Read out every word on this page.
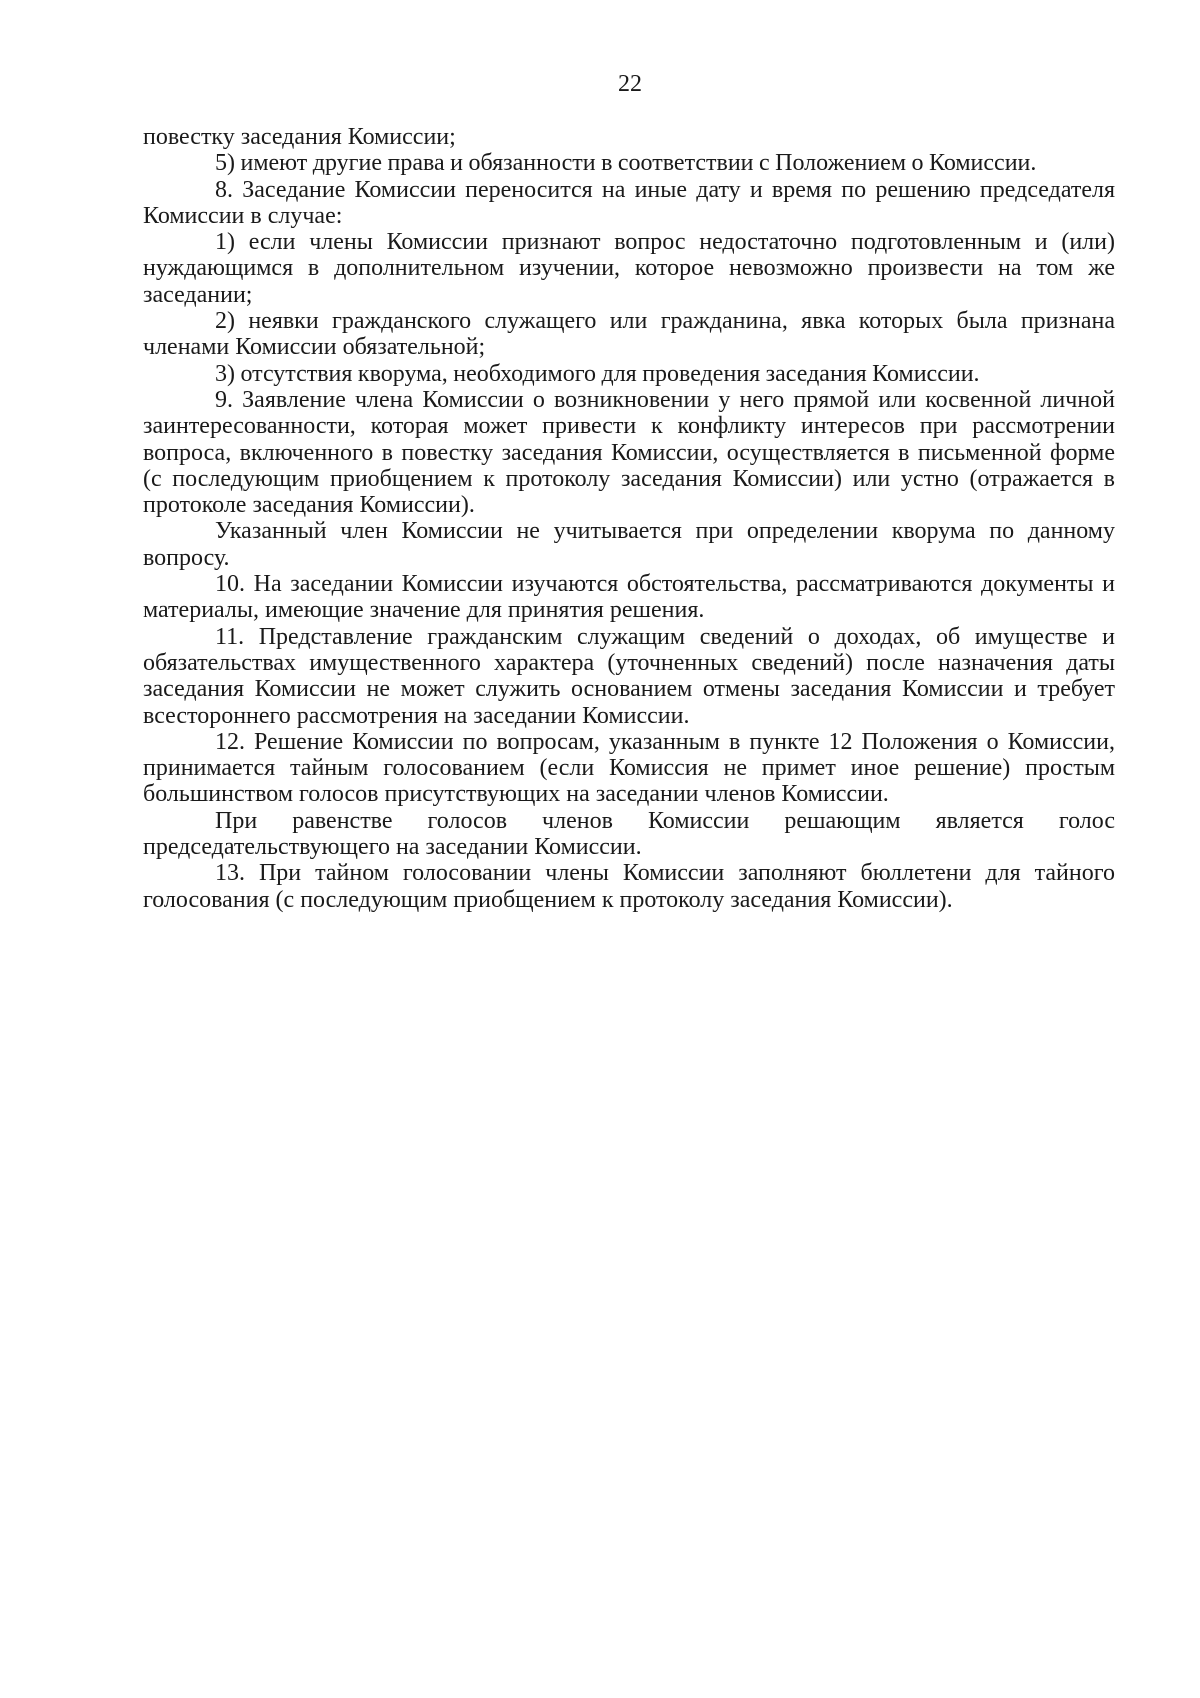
22

повестку заседания Комиссии;

5) имеют другие права и обязанности в соответствии с Положением о Комиссии.

8. Заседание Комиссии переносится на иные дату и время по решению председателя Комиссии в случае:

1) если члены Комиссии признают вопрос недостаточно подготовленным и (или) нуждающимся в дополнительном изучении, которое невозможно произвести на том же заседании;

2) неявки гражданского служащего или гражданина, явка которых была признана членами Комиссии обязательной;

3) отсутствия кворума, необходимого для проведения заседания Комиссии.

9. Заявление члена Комиссии о возникновении у него прямой или косвенной личной заинтересованности, которая может привести к конфликту интересов при рассмотрении вопроса, включенного в повестку заседания Комиссии, осуществляется в письменной форме (с последующим приобщением к протоколу заседания Комиссии) или устно (отражается в протоколе заседания Комиссии).

Указанный член Комиссии не учитывается при определении кворума по данному вопросу.

10. На заседании Комиссии изучаются обстоятельства, рассматриваются документы и материалы, имеющие значение для принятия решения.

11. Представление гражданским служащим сведений о доходах, об имуществе и обязательствах имущественного характера (уточненных сведений) после назначения даты заседания Комиссии не может служить основанием отмены заседания Комиссии и требует всестороннего рассмотрения на заседании Комиссии.

12. Решение Комиссии по вопросам, указанным в пункте 12 Положения о Комиссии, принимается тайным голосованием (если Комиссия не примет иное решение) простым большинством голосов присутствующих на заседании членов Комиссии.

При равенстве голосов членов Комиссии решающим является голос председательствующего на заседании Комиссии.

13. При тайном голосовании члены Комиссии заполняют бюллетени для тайного голосования (с последующим приобщением к протоколу заседания Комиссии).
